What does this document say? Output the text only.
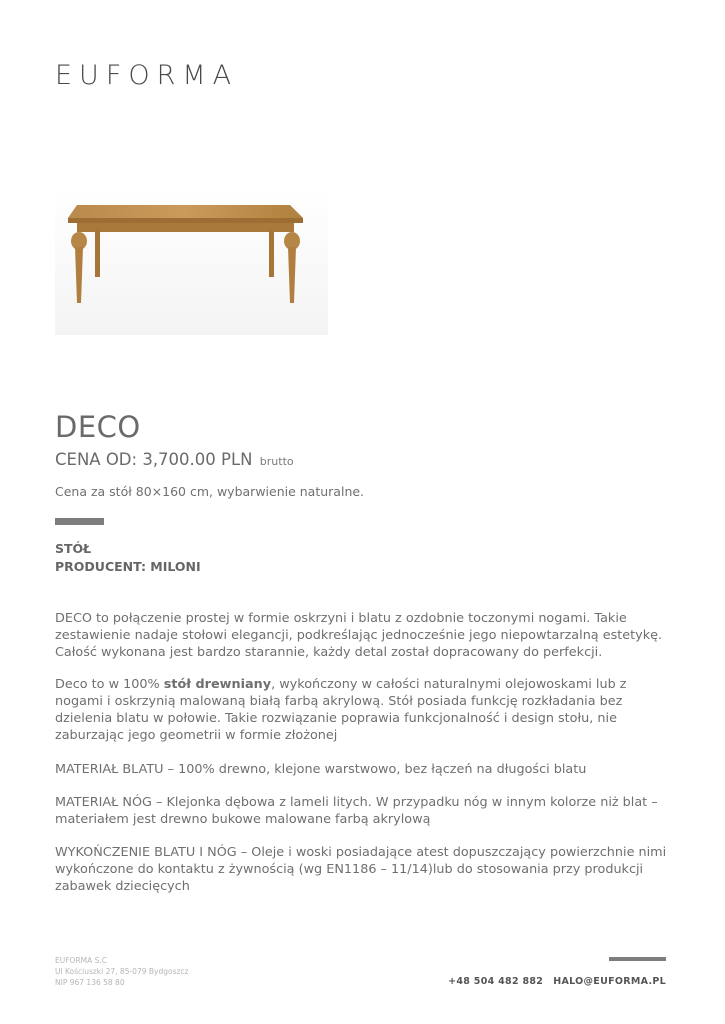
EUFORMA
DECO
CENA OD: 3,700.00 PLN brutto
Cena za stół 80×160 cm, wybarwienie naturalne.
STÓŁ
PRODUCENT: MILONI

DECO to połączenie prostej w formie oskrzyni i blatu z ozdobnie toczonymi nogami. Takie zestawienie nadaje stołowi elegancji, podkreślając jednocześnie jego niepowtarzalną estetykę. Całość wykonana jest bardzo starannie, każdy detal został dopracowany do perfekcji.

Deco to w 100% stół drewniany, wykończony w całości naturalnymi olejowoskami lub z nogami i oskrzynią malowaną białą farbą akrylową. Stół posiada funkcję rozkładania bez dzielenia blatu w połowie. Takie rozwiązanie poprawia funkcjonalność i design stołu, nie zaburzając jego geometrii w formie złożonej

MATERIAŁ BLATU – 100% drewno, klejone warstwowo, bez łączeń na długości blatu

MATERIAŁ NÓG – Klejonka dębowa z lameli litych. W przypadku nóg w innym kolorze niż blat – materiałem jest drewno bukowe malowane farbą akrylową

WYKOŃCZENIE BLATU I NÓG – Oleje i woski posiadające atest dopuszczający powierzchnie nimi wykończone do kontaktu z żywnością (wg EN1186 – 11/14)lub do stosowania przy produkcji zabawek dziecięcych

EUFORMA S.C
Ul Kościuszki 27, 85-079 Bydgoszcz
NIP 967 136 58 80	+48 504 482 882 HALO@EUFORMA.PL
